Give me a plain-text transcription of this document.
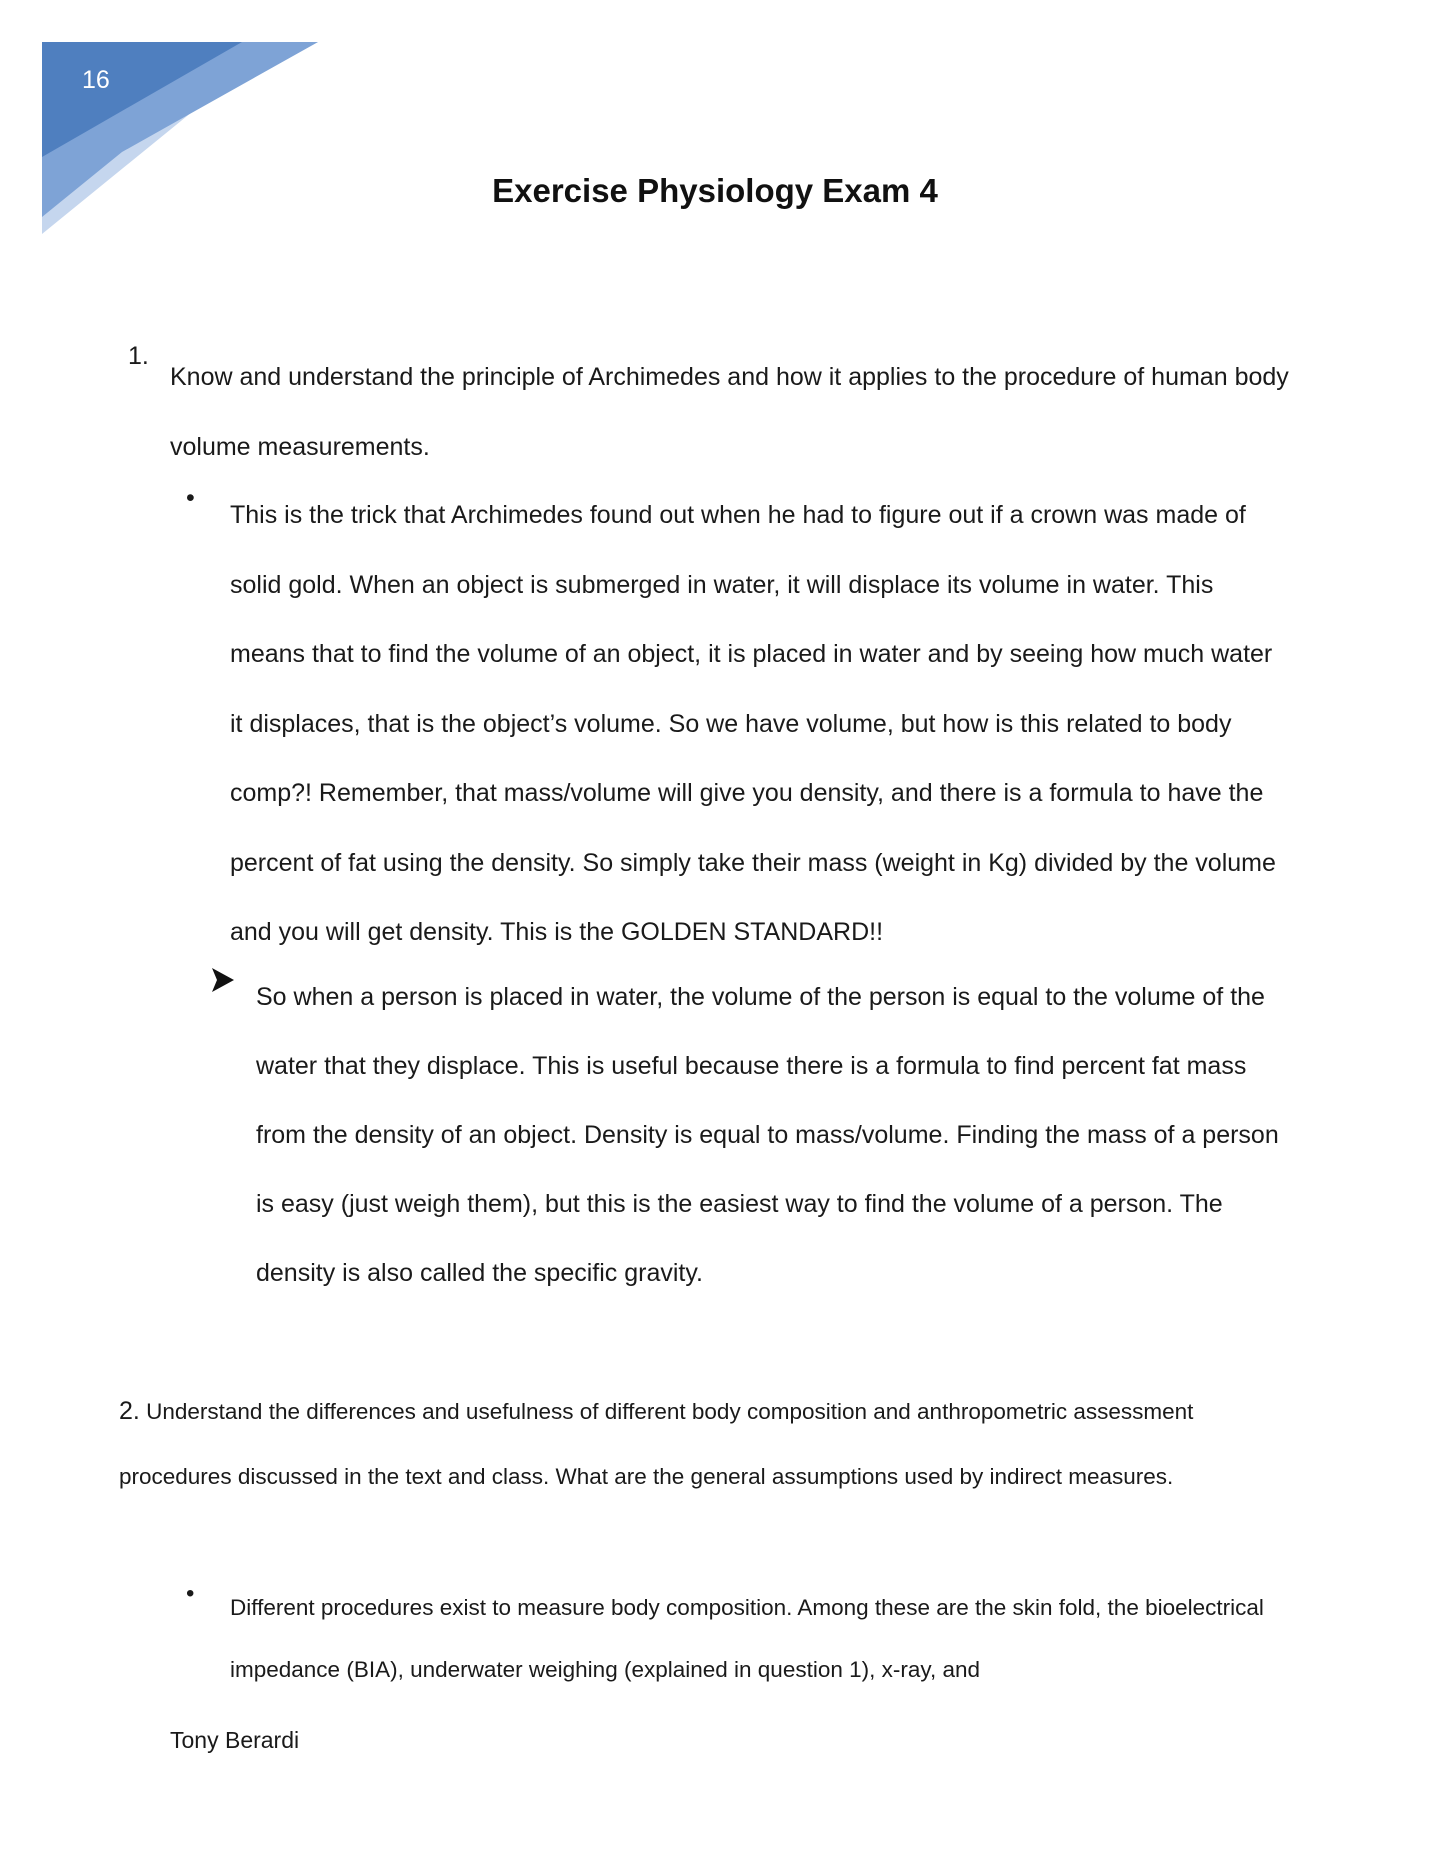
16
Exercise Physiology Exam 4
1.

Know and understand the principle of Archimedes and how it applies to the procedure of human body volume measurements.

•

This is the trick that Archimedes found out when he had to figure out if a crown was made of solid gold. When an object is submerged in water, it will displace its volume in water. This means that to find the volume of an object, it is placed in water and by seeing how much water it displaces, that is the object’s volume. So we have volume, but how is this related to body comp?! Remember, that mass/volume will give you density, and there is a formula to have the percent of fat using the density. So simply take their mass (weight in Kg) divided by the volume and you will get density. This is the GOLDEN STANDARD!!

So when a person is placed in water, the volume of the person is equal to the volume of the water that they displace. This is useful because there is a formula to find percent fat mass from the density of an object. Density is equal to mass/volume. Finding the mass of a person is easy (just weigh them), but this is the easiest way to find the volume of a person. The density is also called the specific gravity.

2. Understand the differences and usefulness of different body composition and anthropometric assessment procedures discussed in the text and class. What are the general assumptions used by indirect measures.

•

Different procedures exist to measure body composition. Among these are the skin fold, the bioelectrical impedance (BIA), underwater weighing (explained in question 1), x-ray, and

Tony Berardi
